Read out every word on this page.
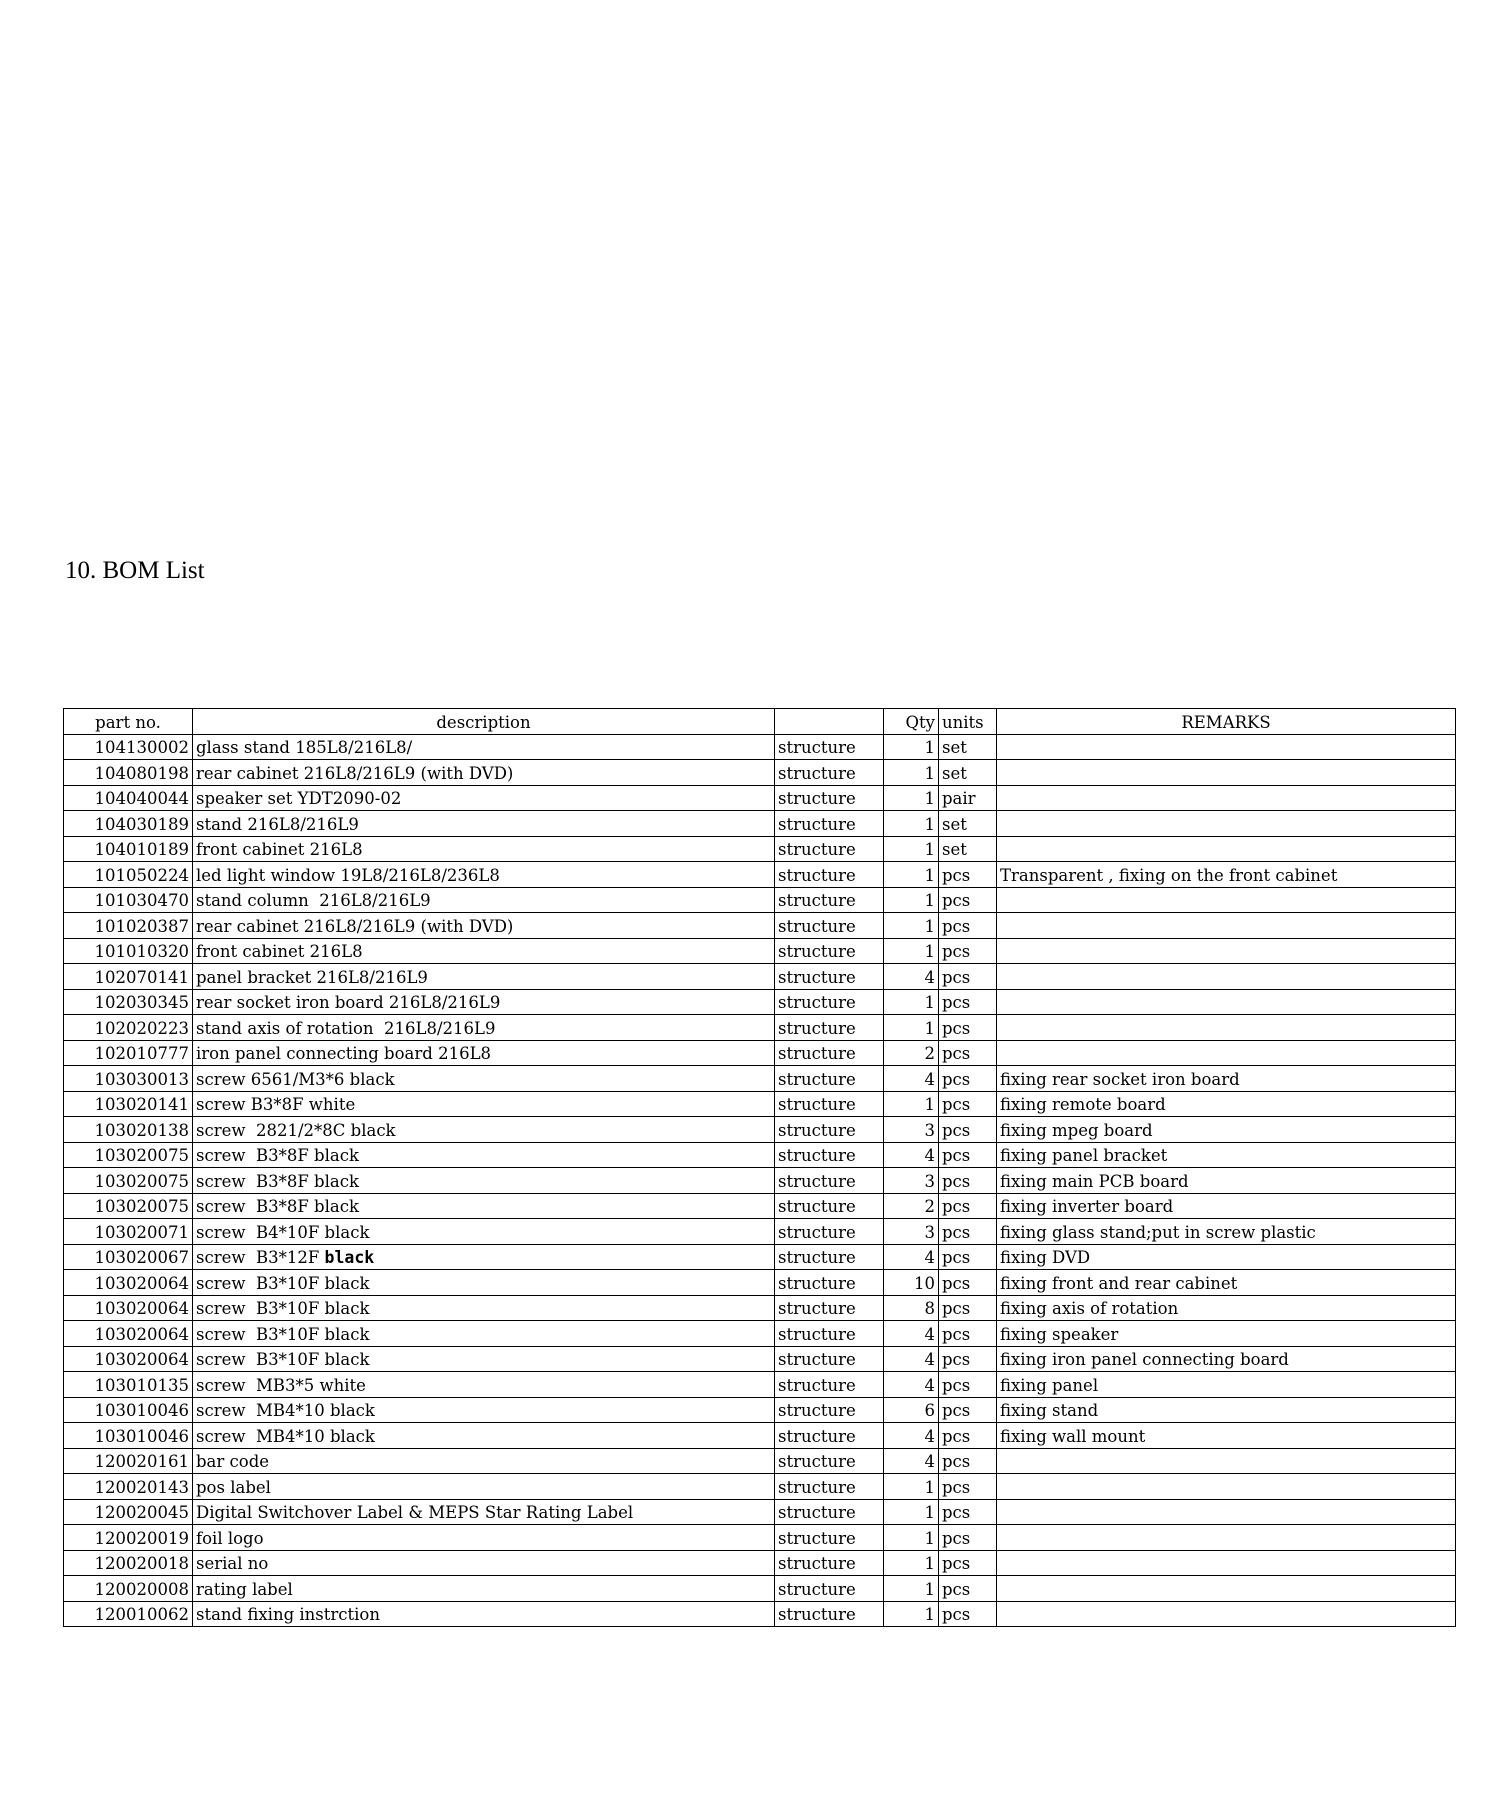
10. BOM List
part no.	description		Qty	units	REMARKS
104130002	glass stand 185L8/216L8/	structure	1	set	
104080198	rear cabinet 216L8/216L9 (with DVD)	structure	1	set	
104040044	speaker set YDT2090-02	structure	1	pair	
104030189	stand 216L8/216L9	structure	1	set	
104010189	front cabinet 216L8	structure	1	set	
101050224	led light window 19L8/216L8/236L8	structure	1	pcs	Transparent , fixing on the front cabinet
101030470	stand column  216L8/216L9	structure	1	pcs	
101020387	rear cabinet 216L8/216L9 (with DVD)	structure	1	pcs	
101010320	front cabinet 216L8	structure	1	pcs	
102070141	panel bracket 216L8/216L9	structure	4	pcs	
102030345	rear socket iron board 216L8/216L9	structure	1	pcs	
102020223	stand axis of rotation  216L8/216L9	structure	1	pcs	
102010777	iron panel connecting board 216L8	structure	2	pcs	
103030013	screw 6561/M3*6 black	structure	4	pcs	fixing rear socket iron board
103020141	screw B3*8F white	structure	1	pcs	fixing remote board
103020138	screw  2821/2*8C black	structure	3	pcs	fixing mpeg board
103020075	screw  B3*8F black	structure	4	pcs	fixing panel bracket
103020075	screw  B3*8F black	structure	3	pcs	fixing main PCB board
103020075	screw  B3*8F black	structure	2	pcs	fixing inverter board
103020071	screw  B4*10F black	structure	3	pcs	fixing glass stand;put in screw plastic
103020067	screw  B3*12F black	structure	4	pcs	fixing DVD
103020064	screw  B3*10F black	structure	10	pcs	fixing front and rear cabinet
103020064	screw  B3*10F black	structure	8	pcs	fixing axis of rotation
103020064	screw  B3*10F black	structure	4	pcs	fixing speaker
103020064	screw  B3*10F black	structure	4	pcs	fixing iron panel connecting board
103010135	screw  MB3*5 white	structure	4	pcs	fixing panel
103010046	screw  MB4*10 black	structure	6	pcs	fixing stand
103010046	screw  MB4*10 black	structure	4	pcs	fixing wall mount
120020161	bar code	structure	4	pcs	
120020143	pos label	structure	1	pcs	
120020045	Digital Switchover Label & MEPS Star Rating Label	structure	1	pcs	
120020019	foil logo	structure	1	pcs	
120020018	serial no	structure	1	pcs	
120020008	rating label	structure	1	pcs	
120010062	stand fixing instrction	structure	1	pcs	
